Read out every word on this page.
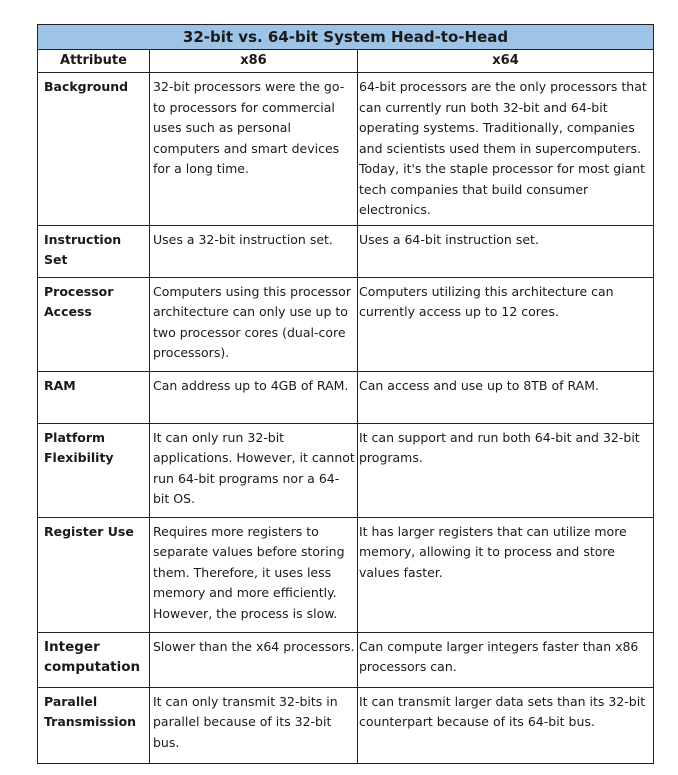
32-bit vs. 64-bit System Head-to-Head		
Attribute	x86	x64
Background	32-bit processors were the go-to processors for commercial uses such as personal computers and smart devices for a long time.	64-bit processors are the only processors that can currently run both 32-bit and 64-bit operating systems. Traditionally, companies and scientists used them in supercomputers. Today, it's the staple processor for most giant tech companies that build consumer electronics.
Instruction Set	Uses a 32-bit instruction set.	Uses a 64-bit instruction set.
Processor Access	Computers using this processor architecture can only use up to two processor cores (dual-core processors).	Computers utilizing this architecture can currently access up to 12 cores.
RAM	Can address up to 4GB of RAM.	Can access and use up to 8TB of RAM.
Platform Flexibility	It can only run 32-bit applications. However, it cannot run 64-bit programs nor a 64-bit OS.	It can support and run both 64-bit and 32-bit programs.
Register Use	Requires more registers to separate values before storing them. Therefore, it uses less memory and more efficiently. However, the process is slow.	It has larger registers that can utilize more memory, allowing it to process and store values faster.
Integer computation	Slower than the x64 processors.	Can compute larger integers faster than x86 processors can.
Parallel Transmission	It can only transmit 32-bits in parallel because of its 32-bit bus.	It can transmit larger data sets than its 32-bit counterpart because of its 64-bit bus.
